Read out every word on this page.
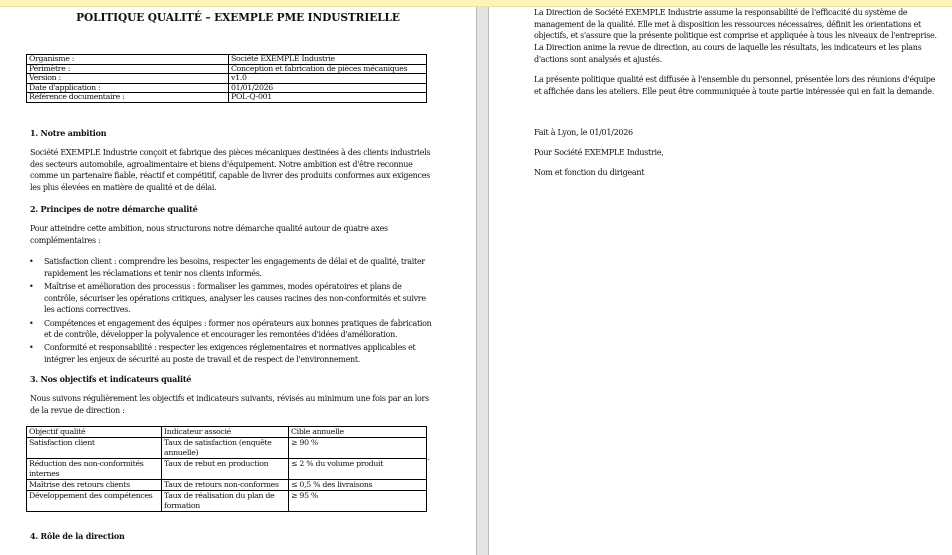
POLITIQUE QUALITÉ – EXEMPLE PME INDUSTRIELLE
Organisme :	Société EXEMPLE Industrie
Périmètre :	Conception et fabrication de pièces mécaniques
Version :	v1.0
Date d'application :	01/01/2026
Référence documentaire :	POL-Q-001
1. Notre ambition
Société EXEMPLE Industrie conçoit et fabrique des pièces mécaniques destinées à des clients industriels
des secteurs automobile, agroalimentaire et biens d'équipement. Notre ambition est d'être reconnue
comme un partenaire fiable, réactif et compétitif, capable de livrer des produits conformes aux exigences
les plus élevées en matière de qualité et de délai.
2. Principes de notre démarche qualité
Pour atteindre cette ambition, nous structurons notre démarche qualité autour de quatre axes
complémentaires :
• Satisfaction client : comprendre les besoins, respecter les engagements de délai et de qualité, traiter
rapidement les réclamations et tenir nos clients informés.
• Maîtrise et amélioration des processus : formaliser les gammes, modes opératoires et plans de
contrôle, sécuriser les opérations critiques, analyser les causes racines des non-conformités et suivre
les actions correctives.
• Compétences et engagement des équipes : former nos opérateurs aux bonnes pratiques de fabrication
et de contrôle, développer la polyvalence et encourager les remontées d'idées d'amélioration.
• Conformité et responsabilité : respecter les exigences réglementaires et normatives applicables et
intégrer les enjeux de sécurité au poste de travail et de respect de l'environnement.
3. Nos objectifs et indicateurs qualité
Nous suivons régulièrement les objectifs et indicateurs suivants, révisés au minimum une fois par an lors
de la revue de direction :
Objectif qualité	Indicateur associé	Cible annuelle
Satisfaction client	Taux de satisfaction (enquête annuelle)	≥ 90 %
Réduction des non-conformités internes	Taux de rebut en production	≤ 2 % du volume produit
Maîtrise des retours clients	Taux de retours non-conformes	≤ 0,5 % des livraisons
Développement des compétences	Taux de réalisation du plan de formation	≥ 95 %
.
4. Rôle de la direction
La Direction de Société EXEMPLE Industrie assume la responsabilité de l'efficacité du système de
management de la qualité. Elle met à disposition les ressources nécessaires, définit les orientations et
objectifs, et s'assure que la présente politique est comprise et appliquée à tous les niveaux de l'entreprise.
La Direction anime la revue de direction, au cours de laquelle les résultats, les indicateurs et les plans
d'actions sont analysés et ajustés.
La présente politique qualité est diffusée à l'ensemble du personnel, présentée lors des réunions d'équipe
et affichée dans les ateliers. Elle peut être communiquée à toute partie intéressée qui en fait la demande.
Fait à Lyon, le 01/01/2026
Pour Société EXEMPLE Industrie,
Nom et fonction du dirigeant
